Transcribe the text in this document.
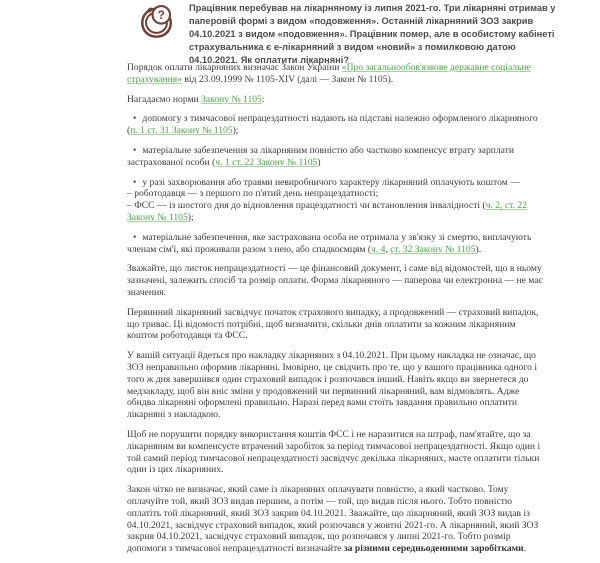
?
Працівник перебував на лікарняному із липня 2021-го. Три лікарняні отримав у паперовій формі з видом «подовження». Останній лікарняний ЗОЗ закрив 04.10.2021 з видом «подовження». Працівник помер, але в особистому кабінеті страхувальника є е-лікарняний з видом «новий» з помилковою датою 04.10.2021. Як оплатити лікарняні?

Порядок оплати лікарняних визначає Закон України «Про загальнообов'язкове державне соціальне страхування» від 23.09.1999 № 1105-XIV (далі — Закон № 1105).

Нагадаємо норми Закону № 1105:

• допомогу з тимчасової непрацездатності надають на підставі належно оформленого лікарняного (п. 1 ст. 31 Закону № 1105);

• матеріальне забезпечення за лікарняним повністю або частково компенсує втрату зарплати застрахованої особи (ч. 1 ст. 22 Закону № 1105)

• у разі захворювання або травми невиробничого характеру лікарняний оплачують коштом —

– роботодавця — з першого по п'ятий день непрацездатності;

– ФСС — із шостого дня до відновлення працездатності чи встановлення інвалідності (ч. 2, ст. 22 Закону № 1105);

• матеріальне забезпечення, яке застрахована особа не отримала у зв'язку зі смертю, виплачують членам сім'ї, які проживали разом з нею, або спадкоємцям (ч. 4, ст. 32 Закону № 1105).

Зважайте, що листок непрацездатності — це фінансовий документ, і саме від відомостей, що в ньому зазначені, залежить спосіб та розмір оплати. Форма лікарняного — паперова чи електронна — не має значення.

Первинний лікарняний засвідчує початок страхового випадку, а продовжений — страховий випадок, що триває. Ці відомості потрібні, щоб визначити, скільки днів оплатити за кожним лікарняним коштом роботодавця та ФСС.

У вашій ситуації йдеться про накладку лікарняних з 04.10.2021. При цьому накладка не означає, що ЗОЗ неправильно оформив лікарняні. Імовірно, це свідчить про те, що у вашого працівника одного і того ж дня завершився один страховий випадок і розпочався інший. Навіть якщо ви звернетеся до медзакладу, щоб він вніс зміни у продовжений чи первинний лікарняний, вам відмовлять. Адже обидва лікарняні оформлені правильно. Наразі перед вами стоїть завдання правильно оплатити лікарняні з накладкою.

Щоб не порушити порядку використання коштів ФСС і не наразитися на штраф, пам'ятайте, що за лікарняним ви компенсуєте втрачений заробіток за період тимчасової непрацездатності. Якщо один і той самий період тимчасової непрацездатності засвідчує декілька лікарняних, маєте оплатити тільки один із цих лікарняних.

Закон чітко не визначає, який саме із лікарняних оплачувати повністю, а який частково. Тому оплачуйте той, який ЗОЗ видав першим, а потім — той, що видав після нього. Тобто повністю оплатіть той лікарняний, який ЗОЗ закрив 04.10.2021. Зважайте, що лікарняний, який ЗОЗ видав із 04.10.2021, засвідчує страховий випадок, який розпочався у жовтні 2021-го. А лікарняний, який ЗОЗ закрив 04.10.2021, засвідчує страховий випадок, що розпочався у липні 2021-го. Тобто розмір допомоги з тимчасової непрацездатності визначайте за різними середньоденними заробітками.
